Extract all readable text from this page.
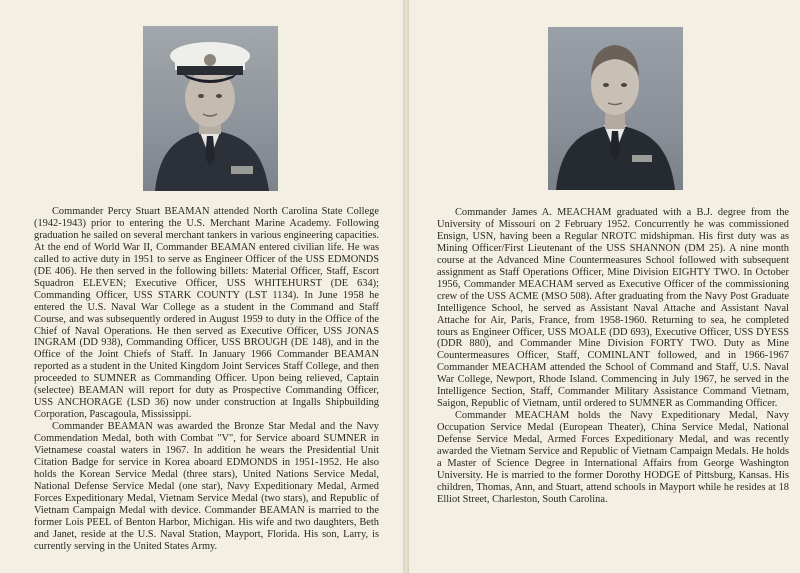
Commander Percy Stuart BEAMAN attended North Carolina State College (1942-1943) prior to entering the U.S. Merchant Marine Academy. Following graduation he sailed on several merchant tankers in various engineering capacities. At the end of World War II, Commander BEAMAN entered civilian life. He was called to active duty in 1951 to serve as Engineer Officer of the USS EDMONDS (DE 406). He then served in the following billets: Material Officer, Staff, Escort Squadron ELEVEN; Executive Officer, USS WHITEHURST (DE 634); Commanding Officer, USS STARK COUNTY (LST 1134). In June 1958 he entered the U.S. Naval War College as a student in the Command and Staff Course, and was subsequently ordered in August 1959 to duty in the Office of the Chief of Naval Operations. He then served as Executive Officer, USS JONAS INGRAM (DD 938), Commanding Officer, USS BROUGH (DE 148), and in the Office of the Joint Chiefs of Staff. In January 1966 Commander BEAMAN reported as a student in the United Kingdom Joint Services Staff College, and then proceeded to SUMNER as Commanding Officer. Upon being relieved, Captain (selectee) BEAMAN will report for duty as Prospective Commanding Officer, USS ANCHORAGE (LSD 36) now under construction at Ingalls Shipbuilding Corporation, Pascagoula, Mississippi.

Commander BEAMAN was awarded the Bronze Star Medal and the Navy Commendation Medal, both with Combat "V", for Service aboard SUMNER in Vietnamese coastal waters in 1967. In addition he wears the Presidential Unit Citation Badge for service in Korea aboard EDMONDS in 1951-1952. He also holds the Korean Service Medal (three stars), United Nations Service Medal, National Defense Service Medal (one star), Navy Expeditionary Medal, Armed Forces Expeditionary Medal, Vietnam Service Medal (two stars), and Republic of Vietnam Campaign Medal with device. Commander BEAMAN is married to the former Lois PEEL of Benton Harbor, Michigan. His wife and two daughters, Beth and Janet, reside at the U.S. Naval Station, Mayport, Florida. His son, Larry, is currently serving in the United States Army.

Commander James A. MEACHAM graduated with a B.J. degree from the University of Missouri on 2 February 1952. Concurrently he was commissioned Ensign, USN, having been a Regular NROTC midshipman. His first duty was as Mining Officer/First Lieutenant of the USS SHANNON (DM 25). A nine month course at the Advanced Mine Countermeasures School followed with subsequent assignment as Staff Operations Officer, Mine Division EIGHTY TWO. In October 1956, Commander MEACHAM served as Executive Officer of the commissioning crew of the USS ACME (MSO 508). After graduating from the Navy Post Graduate Intelligence School, he served as Assistant Naval Attache and Assistant Naval Attache for Air, Paris, France, from 1958-1960. Returning to sea, he completed tours as Engineer Officer, USS MOALE (DD 693), Executive Officer, USS DYESS (DDR 880), and Commander Mine Division FORTY TWO. Duty as Mine Countermeasures Officer, Staff, COMINLANT followed, and in 1966-1967 Commander MEACHAM attended the School of Command and Staff, U.S. Naval War College, Newport, Rhode Island. Commencing in July 1967, he served in the Intelligence Section, Staff, Commander Military Assistance Command Vietnam, Saigon, Republic of Vietnam, until ordered to SUMNER as Commanding Officer.

Commander MEACHAM holds the Navy Expeditionary Medal, Navy Occupation Service Medal (European Theater), China Service Medal, National Defense Service Medal, Armed Forces Expeditionary Medal, and was recently awarded the Vietnam Service and Republic of Vietnam Campaign Medals. He holds a Master of Science Degree in International Affairs from George Washington University. He is married to the former Dorothy HODGE of Pittsburg, Kansas. His children, Thomas, Ann, and Stuart, attend schools in Mayport while he resides at 18 Elliot Street, Charleston, South Carolina.
